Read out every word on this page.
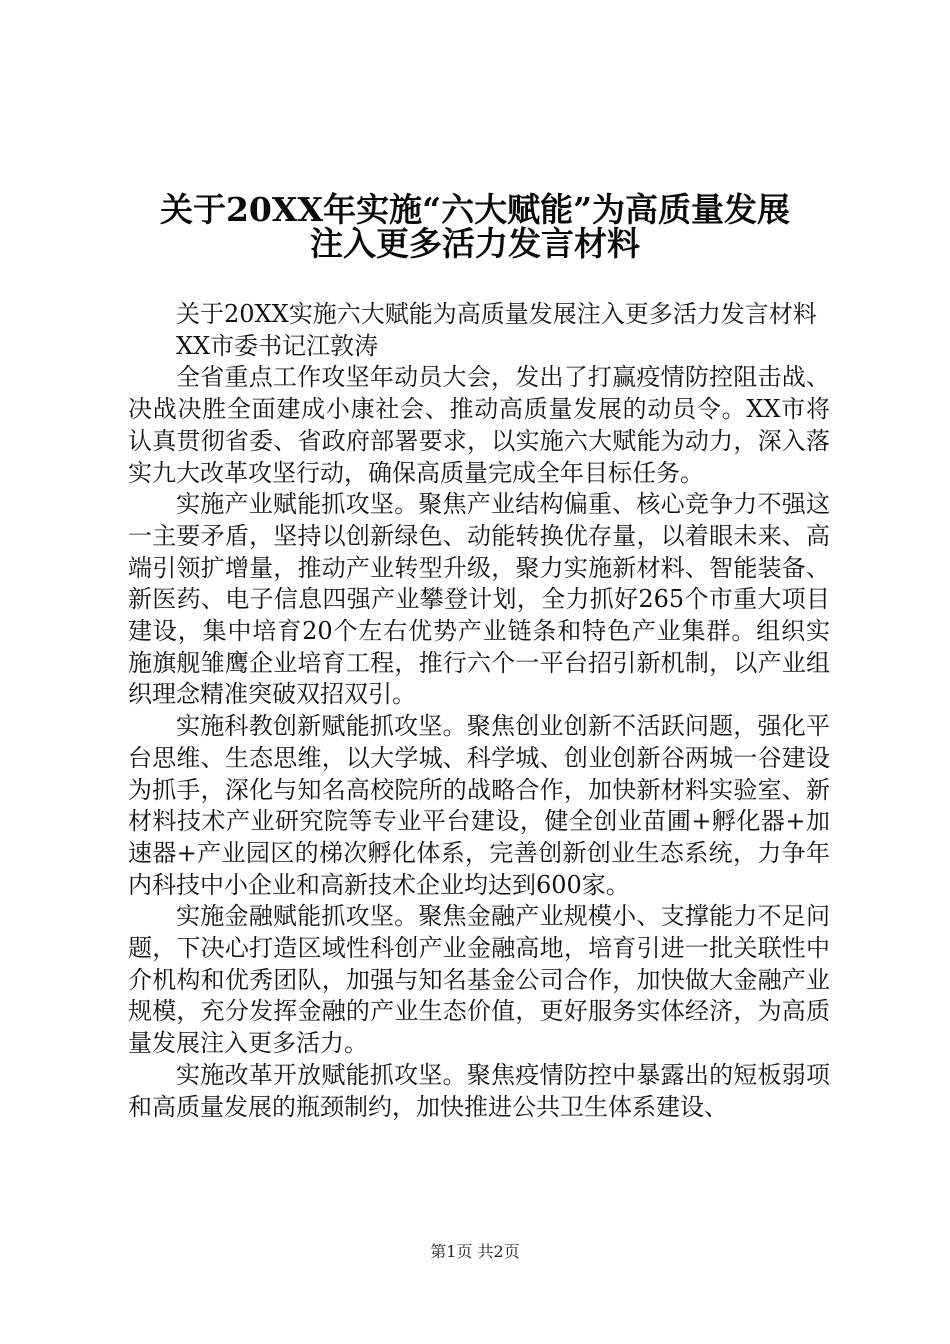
关于20XX年实施“六大赋能”为高质量发展
注入更多活力发言材料

关于20XX实施六大赋能为高质量发展注入更多活力发言材料

XX市委书记江敦涛

全省重点工作攻坚年动员大会，发出了打赢疫情防控阻击战、决战决胜全面建成小康社会、推动高质量发展的动员令。XX市将认真贯彻省委、省政府部署要求，以实施六大赋能为动力，深入落实九大改革攻坚行动，确保高质量完成全年目标任务。

实施产业赋能抓攻坚。聚焦产业结构偏重、核心竞争力不强这一主要矛盾，坚持以创新绿色、动能转换优存量，以着眼未来、高端引领扩增量，推动产业转型升级，聚力实施新材料、智能装备、新医药、电子信息四强产业攀登计划，全力抓好265个市重大项目建设，集中培育20个左右优势产业链条和特色产业集群。组织实施旗舰雏鹰企业培育工程，推行六个一平台招引新机制，以产业组织理念精准突破双招双引。

实施科教创新赋能抓攻坚。聚焦创业创新不活跃问题，强化平台思维、生态思维，以大学城、科学城、创业创新谷两城一谷建设为抓手，深化与知名高校院所的战略合作，加快新材料实验室、新材料技术产业研究院等专业平台建设，健全创业苗圃+孵化器+加速器+产业园区的梯次孵化体系，完善创新创业生态系统，力争年内科技中小企业和高新技术企业均达到600家。

实施金融赋能抓攻坚。聚焦金融产业规模小、支撑能力不足问题，下决心打造区域性科创产业金融高地，培育引进一批关联性中介机构和优秀团队，加强与知名基金公司合作，加快做大金融产业规模，充分发挥金融的产业生态价值，更好服务实体经济，为高质量发展注入更多活力。

实施改革开放赋能抓攻坚。聚焦疫情防控中暴露出的短板弱项和高质量发展的瓶颈制约，加快推进公共卫生体系建设、

第1页 共2页
